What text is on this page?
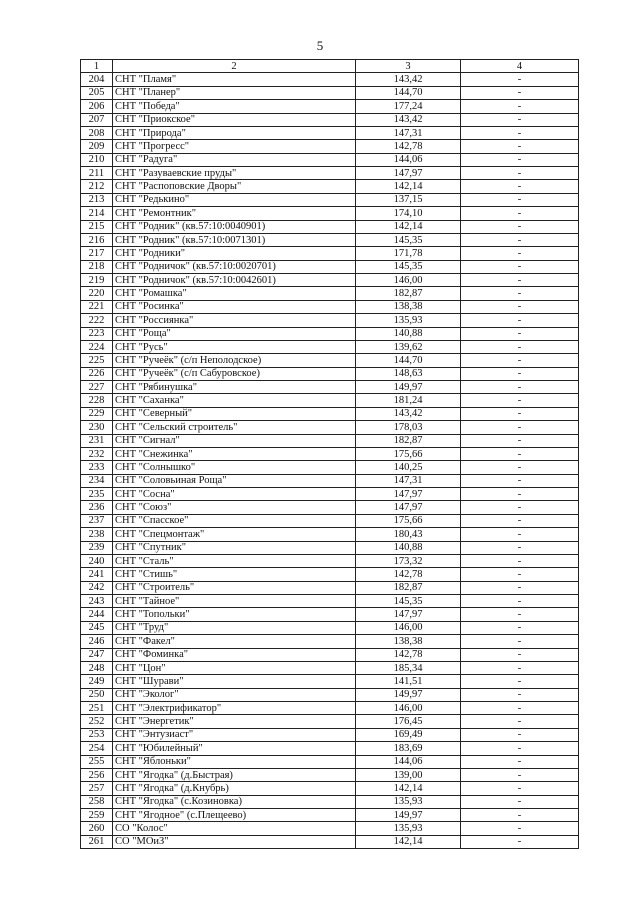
5
1	2	3	4
204	СНТ "Пламя"	143,42	-
205	СНТ "Планер"	144,70	-
206	СНТ "Победа"	177,24	-
207	СНТ "Приокское"	143,42	-
208	СНТ "Природа"	147,31	-
209	СНТ "Прогресс"	142,78	-
210	СНТ "Радуга"	144,06	-
211	СНТ "Разуваевские пруды"	147,97	-
212	СНТ "Распоповские Дворы"	142,14	-
213	СНТ "Редькино"	137,15	-
214	СНТ "Ремонтник"	174,10	-
215	СНТ "Родник" (кв.57:10:0040901)	142,14	-
216	СНТ "Родник" (кв.57:10:0071301)	145,35	-
217	СНТ "Родники"	171,78	-
218	СНТ "Родничок" (кв.57:10:0020701)	145,35	-
219	СНТ "Родничок" (кв.57:10:0042601)	146,00	-
220	СНТ "Ромашка"	182,87	-
221	СНТ "Росинка"	138,38	-
222	СНТ "Россиянка"	135,93	-
223	СНТ "Роща"	140,88	-
224	СНТ "Русь"	139,62	-
225	СНТ "Ручеёк" (с/п Неполодское)	144,70	-
226	СНТ "Ручеёк" (с/п Сабуровское)	148,63	-
227	СНТ "Рябинушка"	149,97	-
228	СНТ "Саханка"	181,24	-
229	СНТ "Северный"	143,42	-
230	СНТ "Сельский строитель"	178,03	-
231	СНТ "Сигнал"	182,87	-
232	СНТ "Снежинка"	175,66	-
233	СНТ "Солнышко"	140,25	-
234	СНТ "Соловьиная Роща"	147,31	-
235	СНТ "Сосна"	147,97	-
236	СНТ "Союз"	147,97	-
237	СНТ "Спасское"	175,66	-
238	СНТ "Спецмонтаж"	180,43	-
239	СНТ "Спутник"	140,88	-
240	СНТ "Сталь"	173,32	-
241	СНТ "Стишь"	142,78	-
242	СНТ "Строитель"	182,87	-
243	СНТ "Тайное"	145,35	-
244	СНТ "Топольки"	147,97	-
245	СНТ "Труд"	146,00	-
246	СНТ "Факел"	138,38	-
247	СНТ "Фоминка"	142,78	-
248	СНТ "Цон"	185,34	-
249	СНТ "Шурави"	141,51	-
250	СНТ "Эколог"	149,97	-
251	СНТ "Электрификатор"	146,00	-
252	СНТ "Энергетик"	176,45	-
253	СНТ "Энтузиаст"	169,49	-
254	СНТ "Юбилейный"	183,69	-
255	СНТ "Яблоньки"	144,06	-
256	СНТ "Ягодка" (д.Быстрая)	139,00	-
257	СНТ "Ягодка" (д.Кнубрь)	142,14	-
258	СНТ "Ягодка" (с.Козиновка)	135,93	-
259	СНТ "Ягодное" (с.Плещеево)	149,97	-
260	СО "Колос"	135,93	-
261	СО "МОиЗ"	142,14	-
